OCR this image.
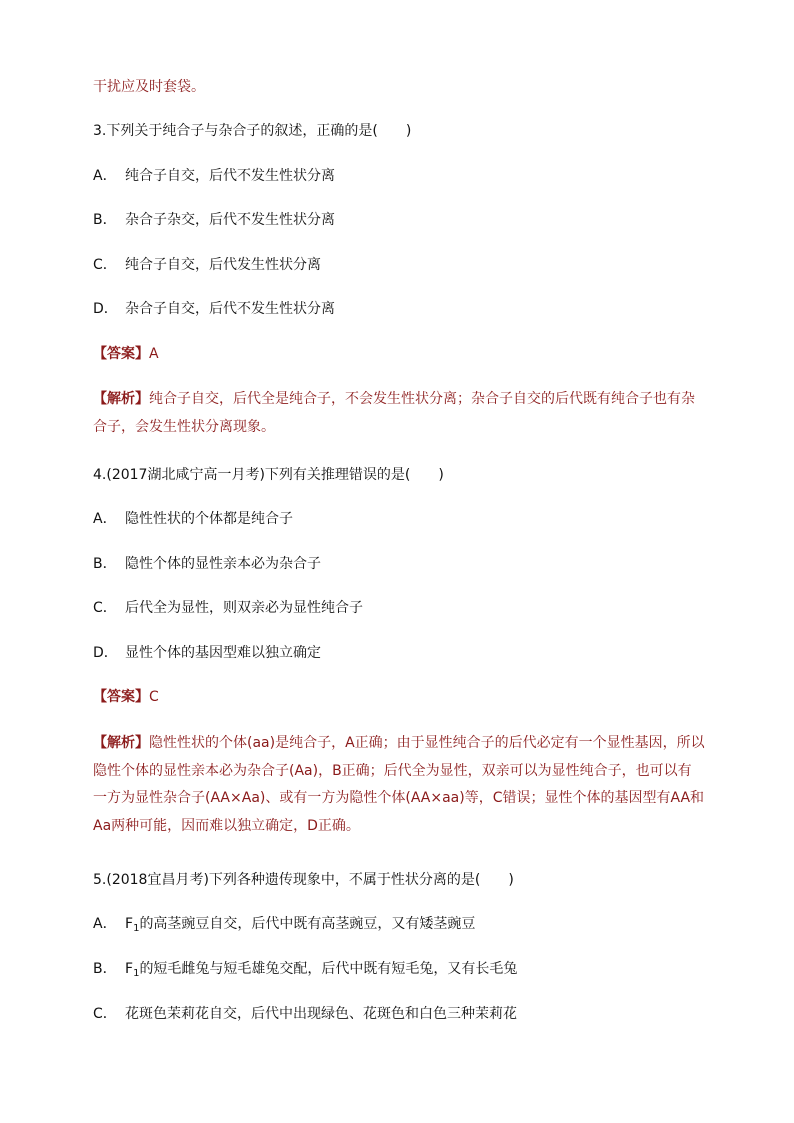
干扰应及时套袋。
3.下列关于纯合子与杂合子的叙述，正确的是(　　)
A． 纯合子自交，后代不发生性状分离
B． 杂合子杂交，后代不发生性状分离
C． 纯合子自交，后代发生性状分离
D． 杂合子自交，后代不发生性状分离
【答案】A
【解析】纯合子自交，后代全是纯合子，不会发生性状分离；杂合子自交的后代既有纯合子也有杂
合子，会发生性状分离现象。
4.(2017湖北咸宁高一月考)下列有关推理错误的是(　　)
A． 隐性性状的个体都是纯合子
B． 隐性个体的显性亲本必为杂合子
C． 后代全为显性，则双亲必为显性纯合子
D． 显性个体的基因型难以独立确定
【答案】C
【解析】隐性性状的个体(aa)是纯合子，A正确；由于显性纯合子的后代必定有一个显性基因，所以
隐性个体的显性亲本必为杂合子(Aa)，B正确；后代全为显性，双亲可以为显性纯合子，也可以有
一方为显性杂合子(AA×Aa)、或有一方为隐性个体(AA×aa)等，C错误；显性个体的基因型有AA和
Aa两种可能，因而难以独立确定，D正确。
5.(2018宜昌月考)下列各种遗传现象中，不属于性状分离的是(　　)
A． $F_1$的高茎豌豆自交，后代中既有高茎豌豆，又有矮茎豌豆
B． $F_1$的短毛雌兔与短毛雄兔交配，后代中既有短毛兔，又有长毛兔
C． 花斑色茉莉花自交，后代中出现绿色、花斑色和白色三种茉莉花
